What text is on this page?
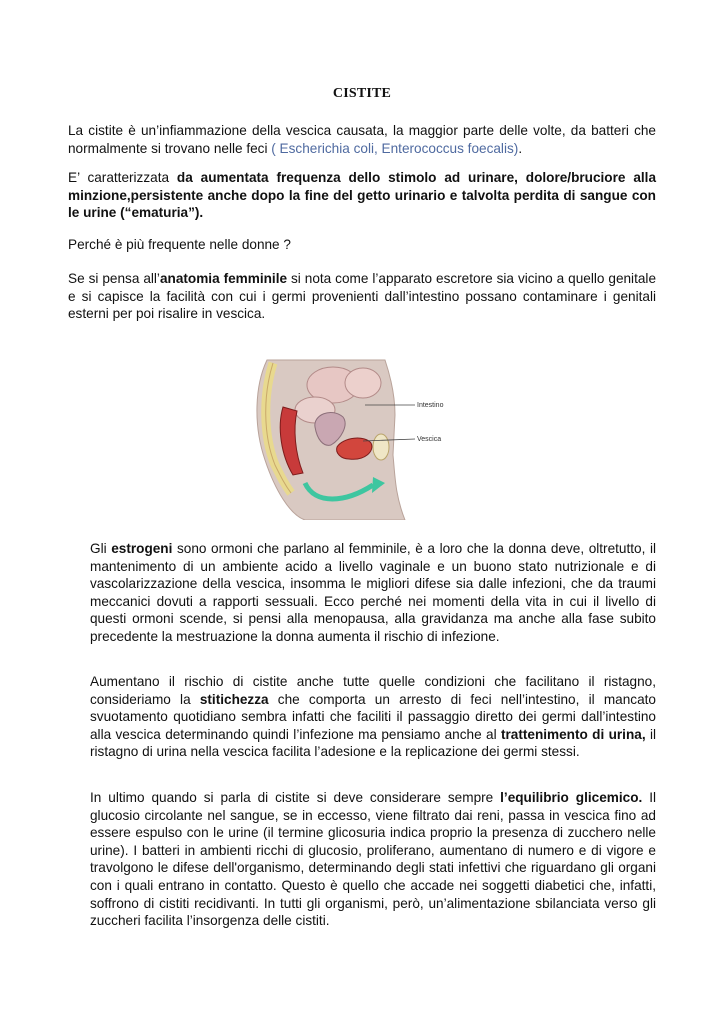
CISTITE

La cistite è un’infiammazione della vescica causata, la maggior parte delle volte, da batteri che normalmente si trovano nelle feci ( Escherichia coli, Enterococcus foecalis).

E’ caratterizzata da aumentata frequenza dello stimolo ad urinare, dolore/bruciore alla minzione,persistente anche dopo la fine del getto urinario e talvolta perdita di sangue con le urine (“ematuria”).

Perché è più frequente nelle donne ?

Se si pensa all’anatomia femminile si nota come l’apparato escretore sia vicino a quello genitale e si capisce la facilità con cui i germi provenienti dall’intestino possano contaminare i genitali esterni per poi risalire in vescica.

Intestino
Vescica

Gli estrogeni sono ormoni che parlano al femminile, è a loro che la donna deve, oltretutto, il mantenimento di un ambiente acido a livello vaginale e un buono stato nutrizionale e di vascolarizzazione della vescica, insomma le migliori difese sia dalle infezioni, che da traumi meccanici dovuti a rapporti sessuali. Ecco perché nei momenti della vita in cui il livello di questi ormoni scende, si pensi alla menopausa, alla gravidanza ma anche alla fase subito precedente la mestruazione la donna aumenta il rischio di infezione.

Aumentano il rischio di cistite anche tutte quelle condizioni che facilitano il ristagno, consideriamo la stitichezza che comporta un arresto di feci nell’intestino, il mancato svuotamento quotidiano sembra infatti che faciliti il passaggio diretto dei germi dall’intestino alla vescica determinando quindi l’infezione ma pensiamo anche al trattenimento di urina, il ristagno di urina nella vescica facilita l’adesione e la replicazione dei germi stessi.

In ultimo quando si parla di cistite si deve considerare sempre l’equilibrio glicemico. Il glucosio circolante nel sangue, se in eccesso, viene filtrato dai reni, passa in vescica fino ad essere espulso con le urine (il termine glicosuria indica proprio la presenza di zucchero nelle urine). I batteri in ambienti ricchi di glucosio, proliferano, aumentano di numero e di vigore e travolgono le difese dell'organismo, determinando degli stati infettivi che riguardano gli organi con i quali entrano in contatto. Questo è quello che accade nei soggetti diabetici che, infatti, soffrono di cistiti recidivanti. In tutti gli organismi, però, un’alimentazione sbilanciata verso gli zuccheri facilita l’insorgenza delle cistiti.
